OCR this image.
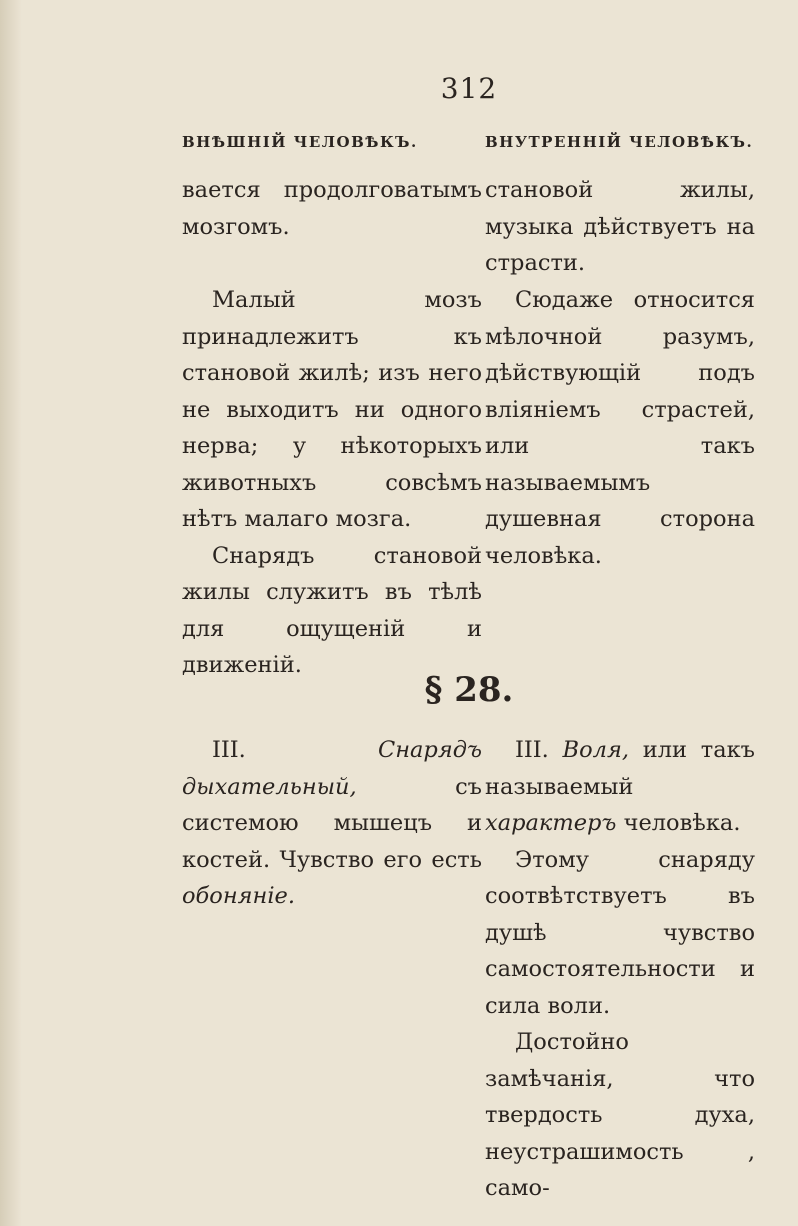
312
ВНѢШНІЙ ЧЕЛОВѢКЪ.	ВНУТРЕННІЙ ЧЕЛОВѢКЪ.

вается продолговатымъ мозгомъ.

становой жилы, музыка дѣйствуетъ на страсти.

Малый мозъ принадлежитъ къ становой жилѣ; изъ него не выходитъ ни одного нерва; у нѣкоторыхъ животныхъ совсѣмъ нѣтъ малаго мозга.

Снарядъ становой жилы служитъ въ тѣлѣ для ощущеній и движеній.

Сюдаже относится мѣлочной разумъ, дѣйствующій подъ вліяніемъ страстей, или такъ называемымъ душевная сторона человѣка.

§ 28.

III. Снарядъ дыхательный, съ системою мышецъ и костей. Чувство его есть обоняніе.

III. Воля, или такъ называемый характеръ человѣка.

Этому снаряду соотвѣтствуетъ въ душѣ чувство самостоятельности и сила воли.

Достойно замѣчанія, что твердость духа, неустрашимость , само-
